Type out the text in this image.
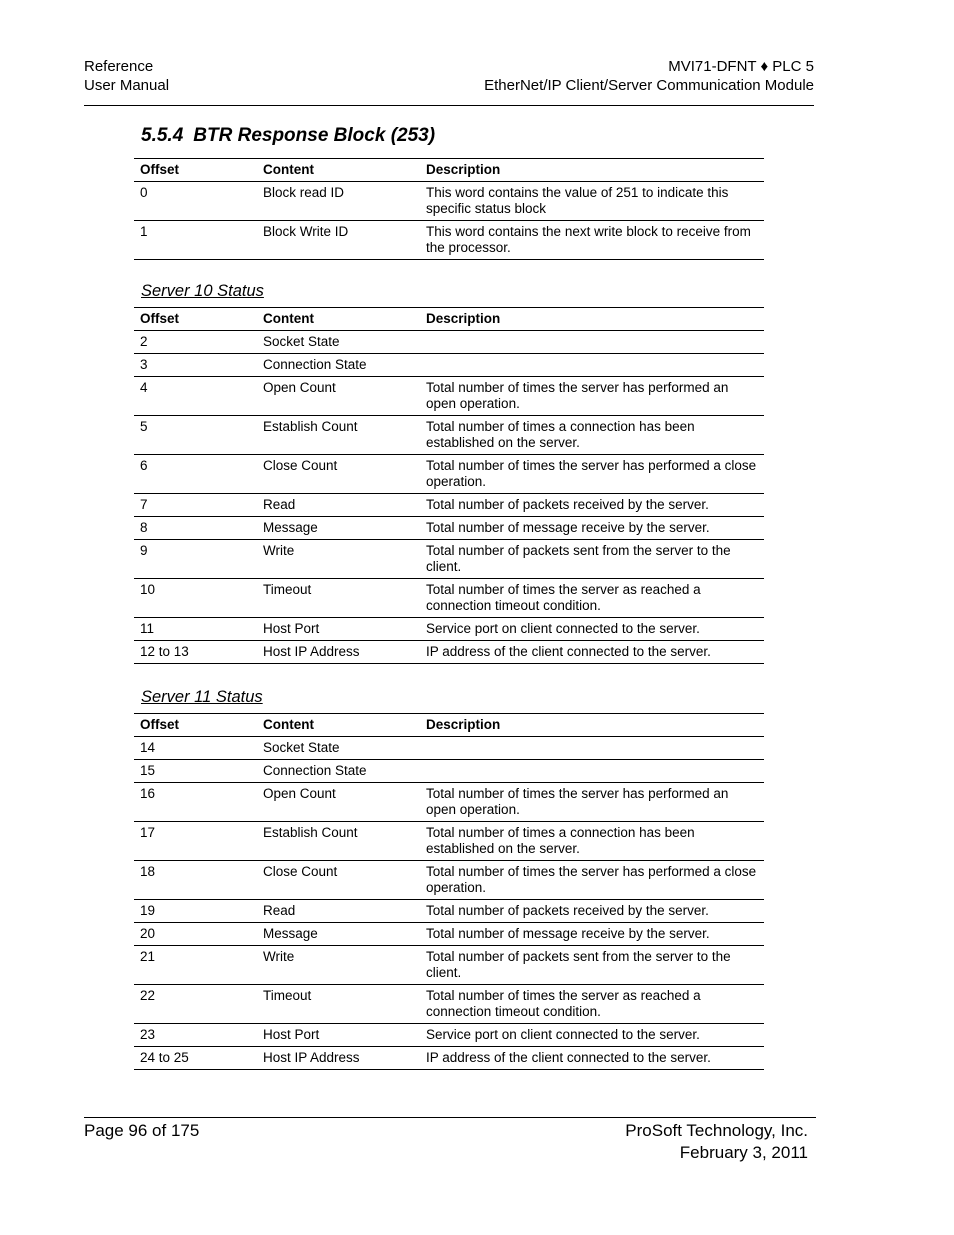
Reference
User Manual
MVI71-DFNT ♦ PLC 5
EtherNet/IP Client/Server Communication Module
5.5.4 BTR Response Block (253)
Offset	Content	Description
0	Block read ID	This word contains the value of 251 to indicate this specific status block
1	Block Write ID	This word contains the next write block to receive from the processor.
Server 10 Status
Offset	Content	Description
2	Socket State	
3	Connection State	
4	Open Count	Total number of times the server has performed an open operation.
5	Establish Count	Total number of times a connection has been established on the server.
6	Close Count	Total number of times the server has performed a close operation.
7	Read	Total number of packets received by the server.
8	Message	Total number of message receive by the server.
9	Write	Total number of packets sent from the server to the client.
10	Timeout	Total number of times the server as reached a connection timeout condition.
11	Host Port	Service port on client connected to the server.
12 to 13	Host IP Address	IP address of the client connected to the server.
Server 11 Status
Offset	Content	Description
14	Socket State	
15	Connection State	
16	Open Count	Total number of times the server has performed an open operation.
17	Establish Count	Total number of times a connection has been established on the server.
18	Close Count	Total number of times the server has performed a close operation.
19	Read	Total number of packets received by the server.
20	Message	Total number of message receive by the server.
21	Write	Total number of packets sent from the server to the client.
22	Timeout	Total number of times the server as reached a connection timeout condition.
23	Host Port	Service port on client connected to the server.
24 to 25	Host IP Address	IP address of the client connected to the server.
Page 96 of 175	ProSoft Technology, Inc.
February 3, 2011
